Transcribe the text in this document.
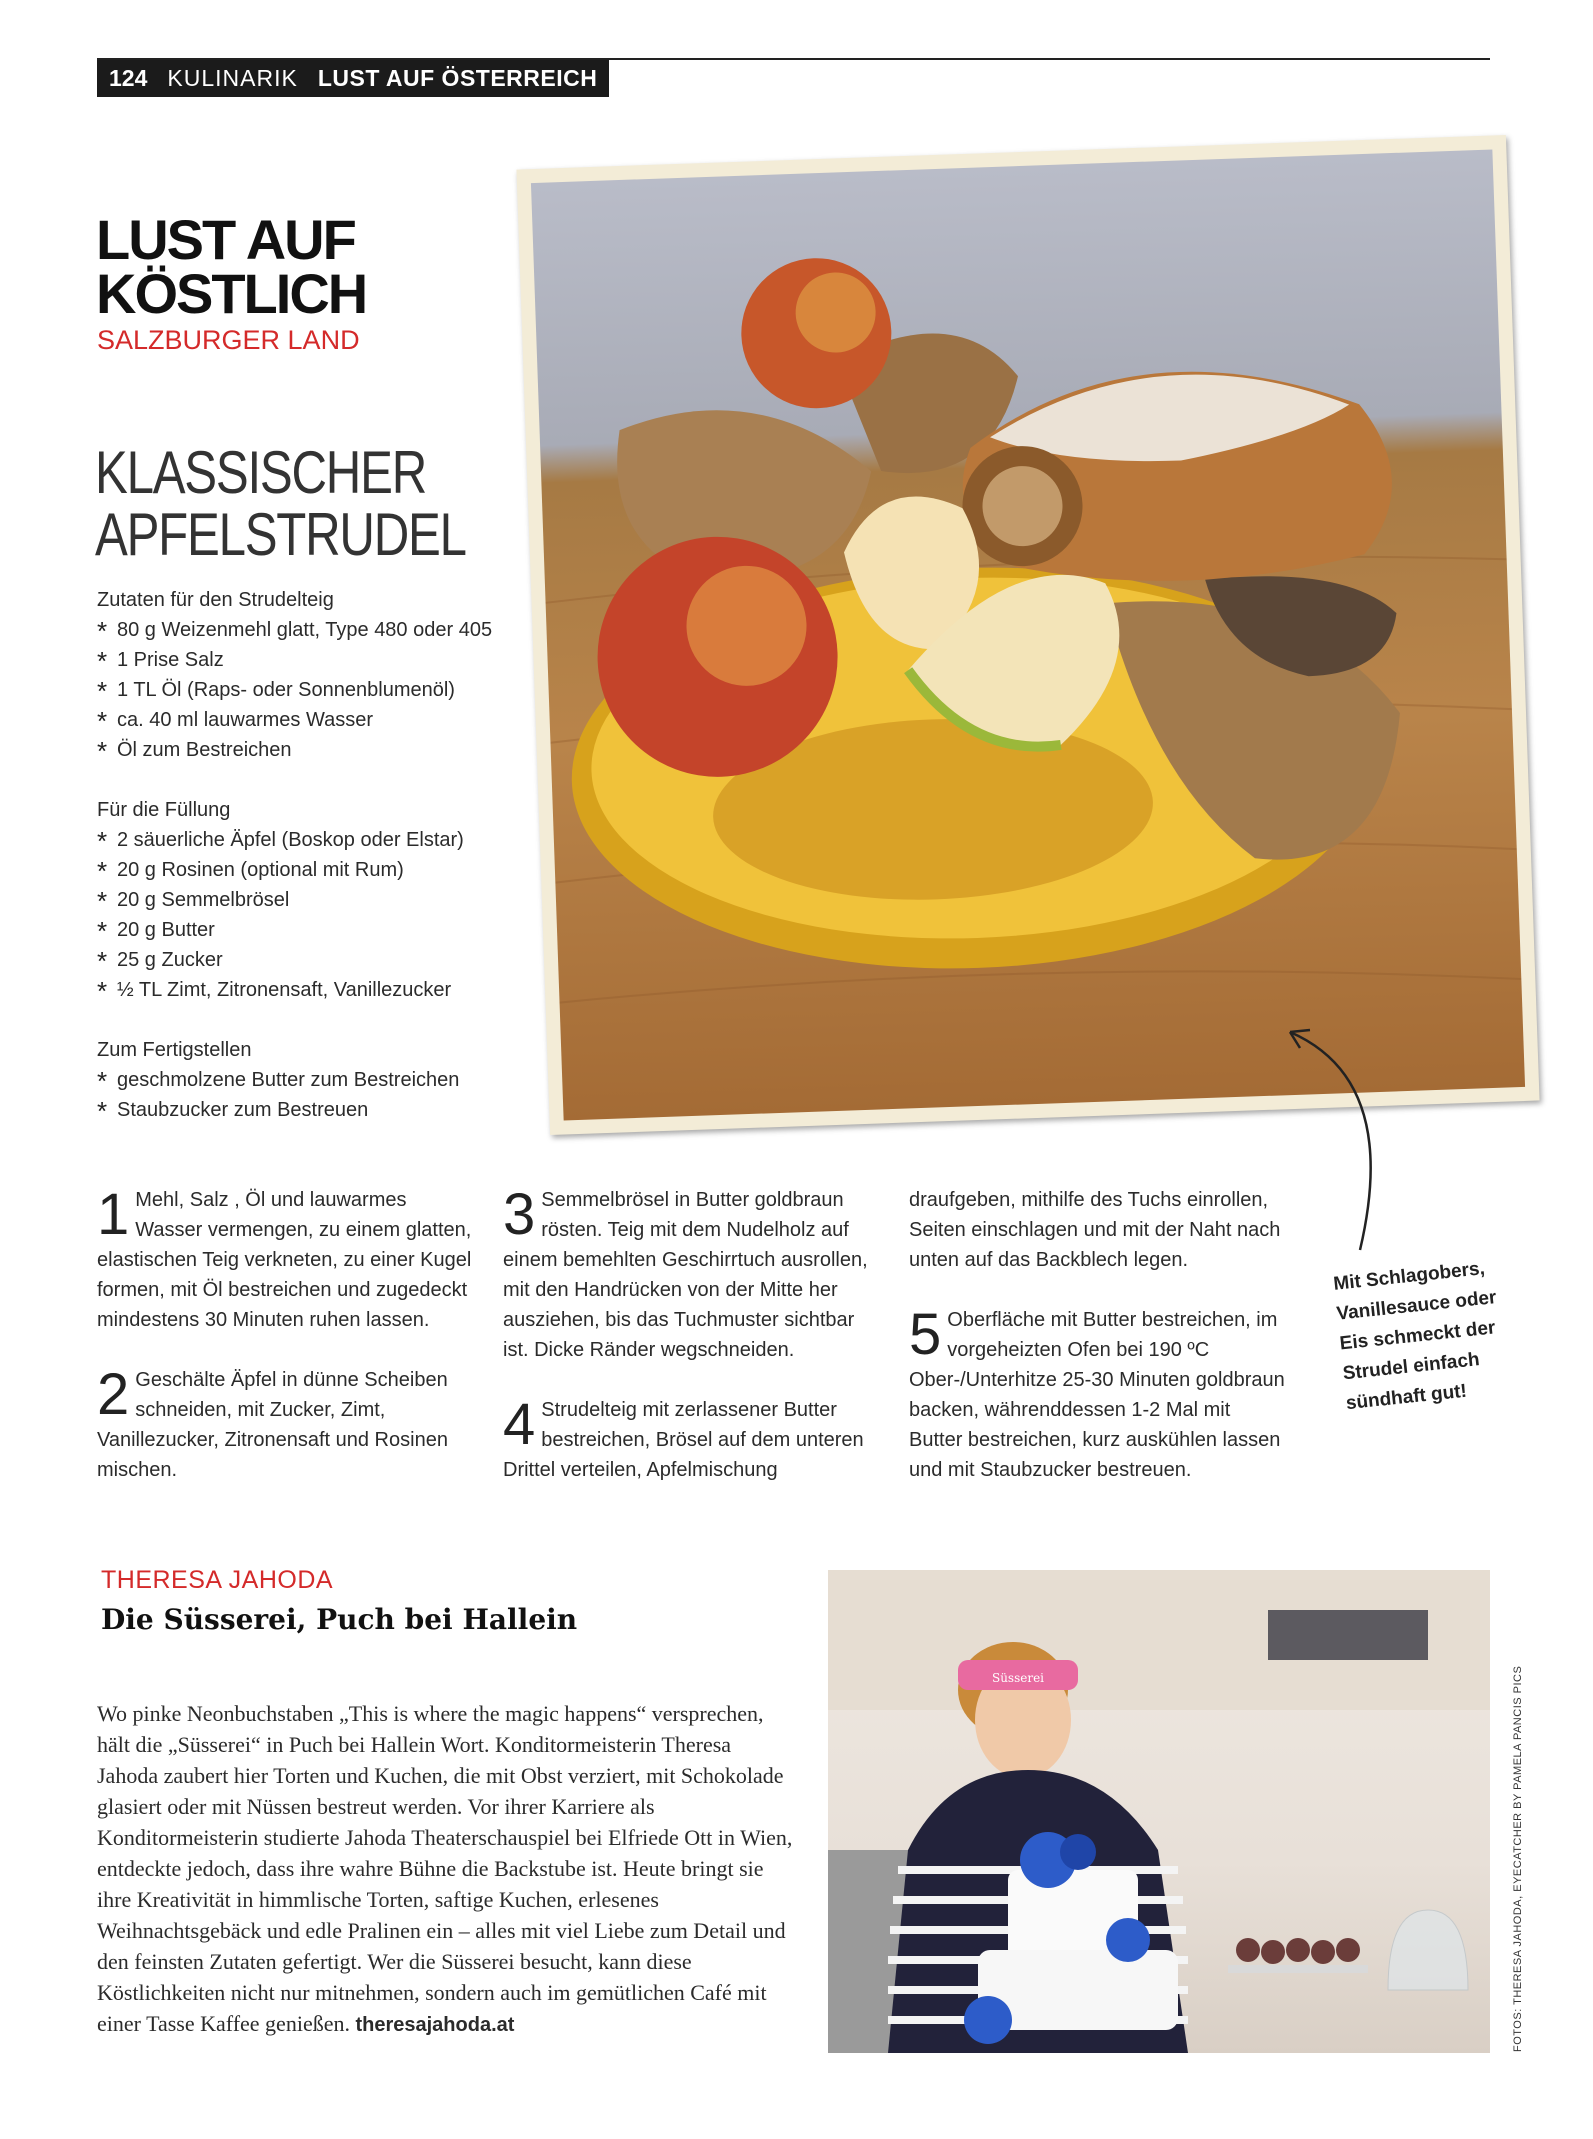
124 KULINARIK LUST AUF ÖSTERREICH
LUST AUF
KÖSTLICH
SALZBURGER LAND
KLASSISCHER
APFELSTRUDEL
Zutaten für den Strudelteig
* 80 g Weizenmehl glatt, Type 480 oder 405
* 1 Prise Salz
* 1 TL Öl (Raps- oder Sonnenblumenöl)
* ca. 40 ml lauwarmes Wasser
* Öl zum Bestreichen
Für die Füllung
* 2 säuerliche Äpfel (Boskop oder Elstar)
* 20 g Rosinen (optional mit Rum)
* 20 g Semmelbrösel
* 20 g Butter
* 25 g Zucker
* ½ TL Zimt, Zitronensaft, Vanillezucker
Zum Fertigstellen
* geschmolzene Butter zum Bestreichen
* Staubzucker zum Bestreuen
Mit Schlagobers, Vanillesauce oder Eis schmeckt der Strudel einfach sündhaft gut!
1 Mehl, Salz , Öl und lauwarmes Wasser vermengen, zu einem glatten, elastischen Teig verkneten, zu einer Kugel formen, mit Öl bestreichen und zugedeckt mindestens 30 Minuten ruhen lassen.
2 Geschälte Äpfel in dünne Scheiben schneiden, mit Zucker, Zimt, Vanillezucker, Zitronensaft und Rosinen mischen.
3 Semmelbrösel in Butter goldbraun rösten. Teig mit dem Nudelholz auf einem bemehlten Geschirrtuch ausrollen, mit den Handrücken von der Mitte her ausziehen, bis das Tuchmuster sichtbar ist. Dicke Ränder wegschneiden.
4 Strudelteig mit zerlassener Butter bestreichen, Brösel auf dem unteren Drittel verteilen, Apfelmischung
draufgeben, mithilfe des Tuchs einrollen, Seiten einschlagen und mit der Naht nach unten auf das Backblech legen.
5 Oberfläche mit Butter bestreichen, im vorgeheizten Ofen bei 190 ºC Ober-/Unterhitze 25-30 Minuten goldbraun backen, währenddessen 1-2 Mal mit Butter bestreichen, kurz auskühlen lassen und mit Staubzucker bestreuen.
THERESA JAHODA
Die Süsserei, Puch bei Hallein
Wo pinke Neonbuchstaben „This is where the magic happens“ versprechen, hält die „Süsserei“ in Puch bei Hallein Wort. Konditormeisterin Theresa Jahoda zaubert hier Torten und Kuchen, die mit Obst verziert, mit Schokolade glasiert oder mit Nüssen bestreut werden. Vor ihrer Karriere als Konditormeisterin studierte Jahoda Theaterschauspiel bei Elfriede Ott in Wien, entdeckte jedoch, dass ihre wahre Bühne die Backstube ist. Heute bringt sie ihre Kreativität in himmlische Torten, saftige Kuchen, erlesenes Weihnachtsgebäck und edle Pralinen ein – alles mit viel Liebe zum Detail und den feinsten Zutaten gefertigt. Wer die Süsserei besucht, kann diese Köstlichkeiten nicht nur mitnehmen, sondern auch im gemütlichen Café mit einer Tasse Kaffee genießen. theresajahoda.at
Süsserei	FOTOS: THERESA JAHODA, EYECATCHER BY PAMELA PANCIS PICS
